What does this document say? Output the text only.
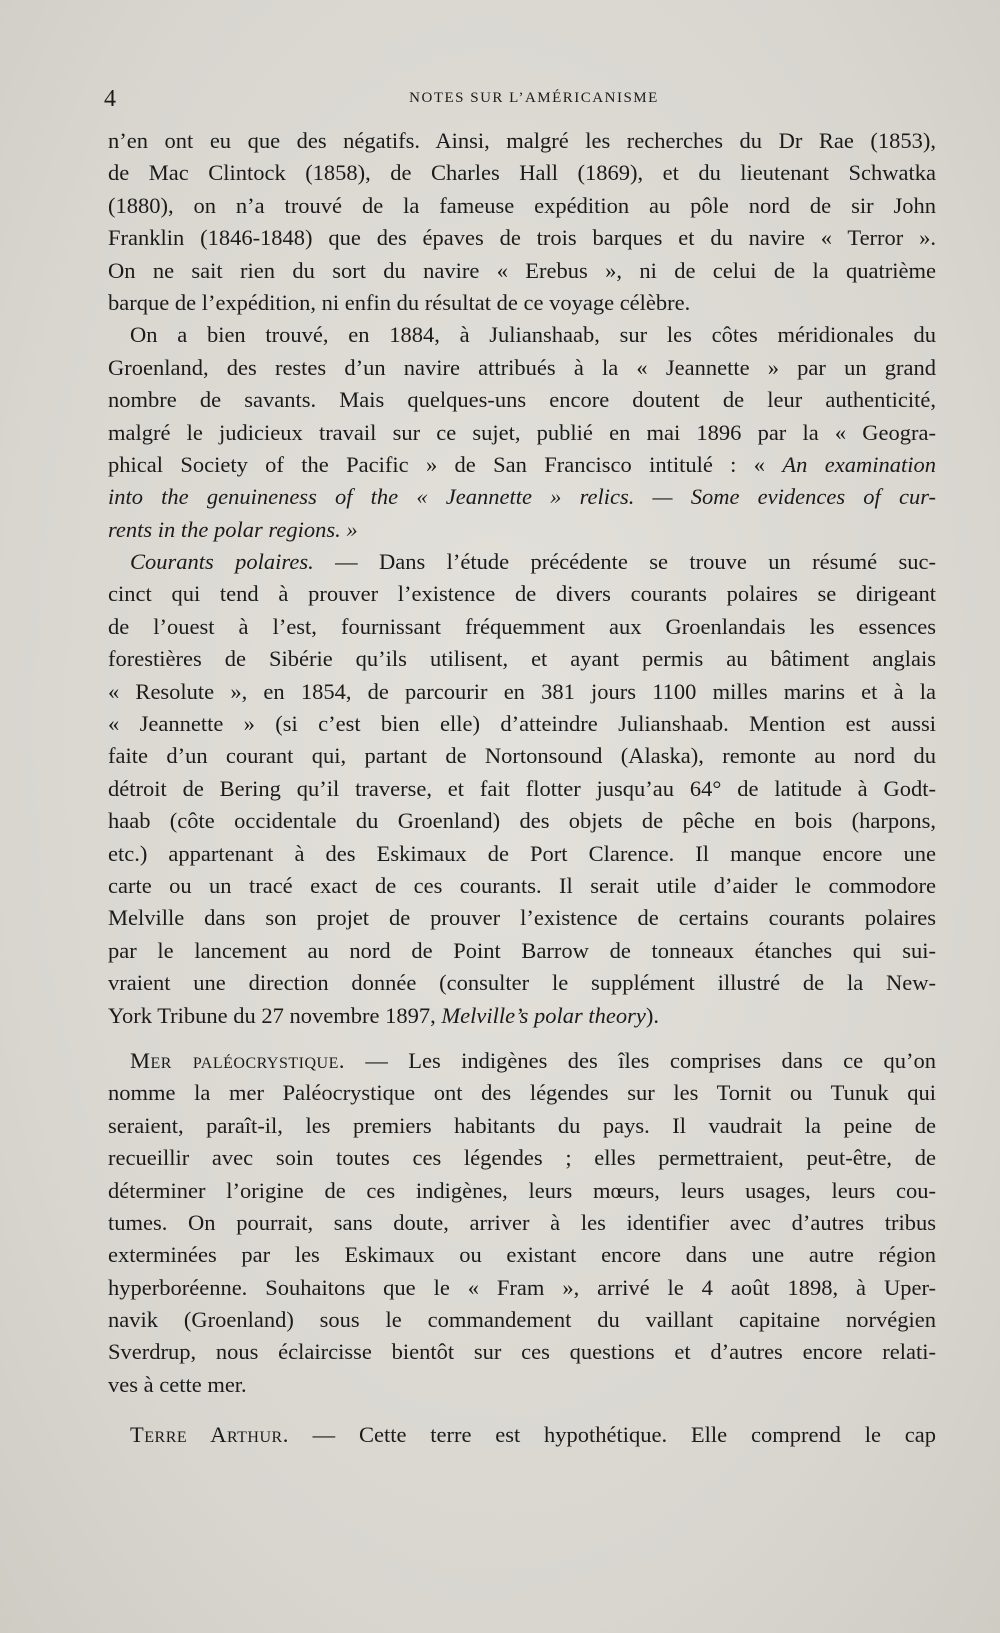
4	NOTES SUR L’AMÉRICANISME
n’en ont eu que des négatifs. Ainsi, malgré les recherches du Dr Rae (1853),
de Mac Clintock (1858), de Charles Hall (1869), et du lieutenant Schwatka
(1880), on n’a trouvé de la fameuse expédition au pôle nord de sir John
Franklin (1846-1848) que des épaves de trois barques et du navire « Terror ».
On ne sait rien du sort du navire « Erebus », ni de celui de la quatrième
barque de l’expédition, ni enfin du résultat de ce voyage célèbre.
On a bien trouvé, en 1884, à Julianshaab, sur les côtes méridionales du
Groenland, des restes d’un navire attribués à la « Jeannette » par un grand
nombre de savants. Mais quelques-uns encore doutent de leur authenticité,
malgré le judicieux travail sur ce sujet, publié en mai 1896 par la « Geogra-
phical Society of the Pacific » de San Francisco intitulé : « An examination
into the genuineness of the « Jeannette » relics. — Some evidences of cur-
rents in the polar regions. »
Courants polaires. — Dans l’étude précédente se trouve un résumé suc-
cinct qui tend à prouver l’existence de divers courants polaires se dirigeant
de l’ouest à l’est, fournissant fréquemment aux Groenlandais les essences
forestières de Sibérie qu’ils utilisent, et ayant permis au bâtiment anglais
« Resolute », en 1854, de parcourir en 381 jours 1100 milles marins et à la
« Jeannette » (si c’est bien elle) d’atteindre Julianshaab. Mention est aussi
faite d’un courant qui, partant de Nortonsound (Alaska), remonte au nord du
détroit de Bering qu’il traverse, et fait flotter jusqu’au 64° de latitude à Godt-
haab (côte occidentale du Groenland) des objets de pêche en bois (harpons,
etc.) appartenant à des Eskimaux de Port Clarence. Il manque encore une
carte ou un tracé exact de ces courants. Il serait utile d’aider le commodore
Melville dans son projet de prouver l’existence de certains courants polaires
par le lancement au nord de Point Barrow de tonneaux étanches qui sui-
vraient une direction donnée (consulter le supplément illustré de la New-
York Tribune du 27 novembre 1897, Melville’s polar theory).
Mer paléocrystique. — Les indigènes des îles comprises dans ce qu’on
nomme la mer Paléocrystique ont des légendes sur les Tornit ou Tunuk qui
seraient, paraît-il, les premiers habitants du pays. Il vaudrait la peine de
recueillir avec soin toutes ces légendes ; elles permettraient, peut-être, de
déterminer l’origine de ces indigènes, leurs mœurs, leurs usages, leurs cou-
tumes. On pourrait, sans doute, arriver à les identifier avec d’autres tribus
exterminées par les Eskimaux ou existant encore dans une autre région
hyperboréenne. Souhaitons que le « Fram », arrivé le 4 août 1898, à Uper-
navik (Groenland) sous le commandement du vaillant capitaine norvégien
Sverdrup, nous éclaircisse bientôt sur ces questions et d’autres encore relati-
ves à cette mer.
Terre Arthur. — Cette terre est hypothétique. Elle comprend le cap
